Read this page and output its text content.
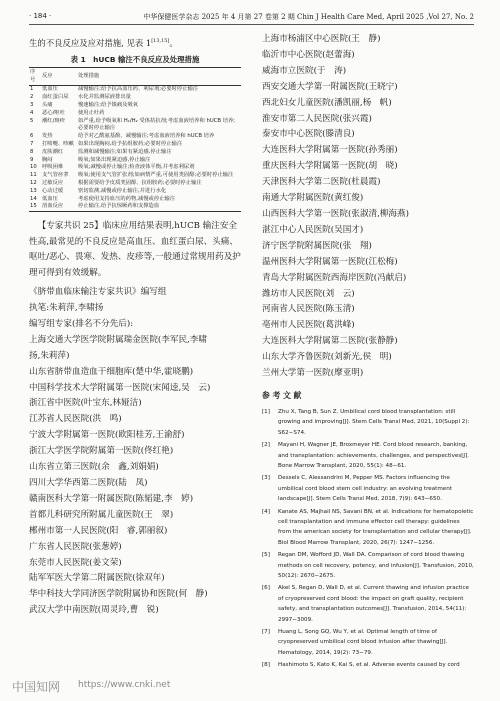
· 184 ·	中华保健医学杂志 2025 年 4 月第 27 卷第 2 期 Chin J Health Care Med, April 2025 ,Vol 27, No. 2
生的不良反应及应对措施, 见表 1[13,15]。
表 1　hUCB 输注不良反应及处理措施
序号	反应	处理措施
1	低血压	减慢输注;给予抗高血压药、利尿剂;必要时停止输注
2	血红蛋白尿	水化并监测尿液排出量
3	头痛	慢速输注;给予镇痛及吸氧
4	恶心/呕吐	使用止吐药
5	潮红/斑疹	如严重,给予吸氧和 H₁/H₂ 受体拮抗剂;考虑血液培养和 hUCB 培养;必要时停止输注
6	发热	给予对乙酰氨基酚、减慢输注;考虑血液培养和 hUCB 培养
7	打喷嚏、咳嗽	如果出现胸闷,给予抗组胺药;必要时停止输注
8	皮肤潮红	监测和减慢输注;如果有紧迫感,停止输注
9	胸闷	吸氧;如果出现紧迫感,停止输注
10	呼吸困难	吸氧;减慢或停止输注;检查液体平衡,并考虑利尿剂
11	支气管痉挛	吸氧;使用支气管扩张剂;如病情严重,可使用类固醇;必要时停止输注
12	过敏反应	根据需要给予皮质类固醇、抗组胺药;必要时停止输注
13	心动过缓	密切监测,减慢或停止输注,并进行水化
14	低血压	考虑使用支持血压的药物,减慢或停止输注
15	溶血反应	停止输注,给予抗惊厥药和支撑造血
【专家共识 25】临床应用结果表明,hUCB 输注安全性高,最常见的不良反应是高血压、血红蛋白尿、头痛、呕吐/恶心、畏寒、发热、皮疹等,一般通过常规用药及护理可得到有效缓解。
《脐带血临床输注专家共识》编写组
执笔:朱莉萍,李啸扬
编写组专家(排名不分先后):
上海交通大学医学院附属瑞金医院(李军民,李啸
扬,朱莉萍)
山东省脐带血造血干细胞库(楚中华,霍晓鹏)
中国科学技术大学附属第一医院(宋闻逵,吴　云)
浙江省中医院(叶宝东,林娅洁)
江苏省人民医院(洪　鸣)
宁波大学附属第一医院(欧阳桂芳,王渝舒)
浙江大学医学院附属第一医院(佟红艳)
山东省立第三医院(余　鑫,刘娟娟)
四川大学华西第二医院(陆　凤)
赣南医科大学第一附属医院(陈韬建,李　婷)
首都儿科研究所附属儿童医院(王　翠)
郴州市第一人民医院(阳　睿,郭丽叙)
广东省人民医院(张葱婷)
东莞市人民医院(姜文荣)
陆军军医大学第二附属医院(徐双年)
华中科技大学同济医学院附属协和医院(何　静)
武汉大学中南医院(周灵玲,曹　锐)
上海市杨浦区中心医院(王　静)
临沂市中心医院(赵蕾海)
威海市立医院(于　涛)
西安交通大学第一附属医院(王晓宁)
西北妇女儿童医院(潘凯丽,杨　帆)
淮安市第二人民医院(张兴霞)
泰安市中心医院(滕清良)
大连医科大学附属第一医院(孙秀丽)
重庆医科大学附属第一医院(胡　晓)
天津医科大学第二医院(杜晨霞)
南通大学附属医院(黄红俊)
山西医科大学第一医院(张淑清,柳海燕)
湛江中心人民医院(吴国才)
济宁医学院附属医院(张　翔)
温州医科大学附属第一医院(江松梅)
青岛大学附属医院西海岸医院(冯献启)
潍坊市人民医院(刘　云)
河南省人民医院(陈玉清)
亳州市人民医院(葛洪峰)
大连医科大学附属第二医院(张静静)
山东大学齐鲁医院(刘新光,侯　明)
兰州大学第一医院(摩亚明)
参 考 文 献
[1] Zhu X, Tang B, Sun Z. Umbilical cord blood transplantation: still growing and improving[J]. Stem Cells Transl Med, 2021, 10(Suppl 2): S62−S74.
[2] Mayani H, Wagner JE, Broxmeyer HE. Cord blood research, banking, and transplantation: achievements, challenges, and perspectives[J]. Bone Marrow Transplant, 2020, 55(1): 48−61.
[3] Dessels C, Alessandrini M, Pepper MS. Factors influencing the umbilical cord blood stem cell industry: an evolving treatment landscape[J]. Stem Cells Transl Med, 2018, 7(9): 643−650.
[4] Kanate AS, Majhail NS, Savani BN, et al. Indications for hematopoietic cell transplantation and immune effector cell therapy: guidelines from the american society for transplantation and cellular therapy[J]. Biol Blood Marrow Transplant, 2020, 26(7): 1247−1256.
[5] Regan DM, Wofford JD, Wall DA. Comparison of cord blood thawing methods on cell recovery, potency, and infusion[J]. Transfusion, 2010, 50(12): 2670−2675.
[6] Akel S, Regan D, Wall D, et al. Current thawing and infusion practice of cryopreserved cord blood: the impact on graft quality, recipient safety, and transplantation outcomes[J]. Transfusion, 2014, 54(11): 2997−3009.
[7] Huang L, Song GQ, Wu Y, et al. Optimal length of time of cryopreserved umbilical cord blood infusion after thawing[J]. Hematology, 2014, 19(2): 73−79.
[8] Hashimoto S, Kato K, Kai S, et al. Adverse events caused by cord
中国知网 https://www.cnki.net
